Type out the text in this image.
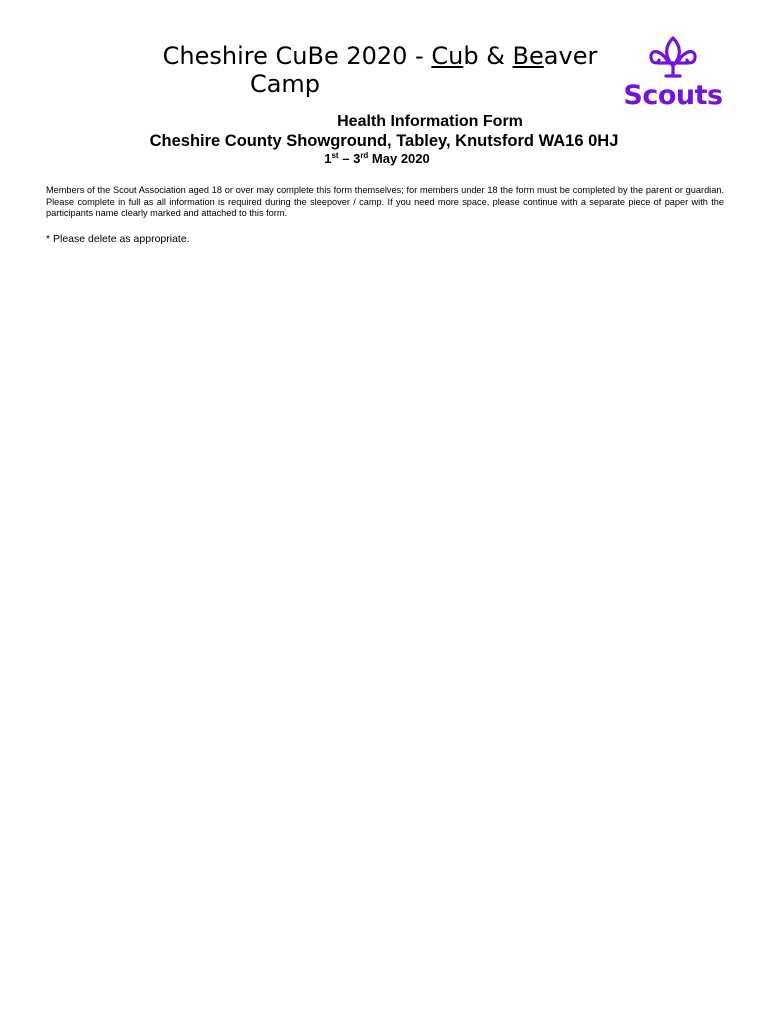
Cheshire CuBe 2020 - Cub & Beaver
Camp	Scouts
Health Information Form
Cheshire County Showground, Tabley, Knutsford WA16 0HJ
1st – 3rd May 2020
Members of the Scout Association aged 18 or over may complete this form themselves; for members under 18 the form must be completed by the parent or guardian. Please complete in full as all information is required during the sleepover / camp. If you need more space, please continue with a separate piece of paper with the participants name clearly marked and attached to this form.
* Please delete as appropriate.
